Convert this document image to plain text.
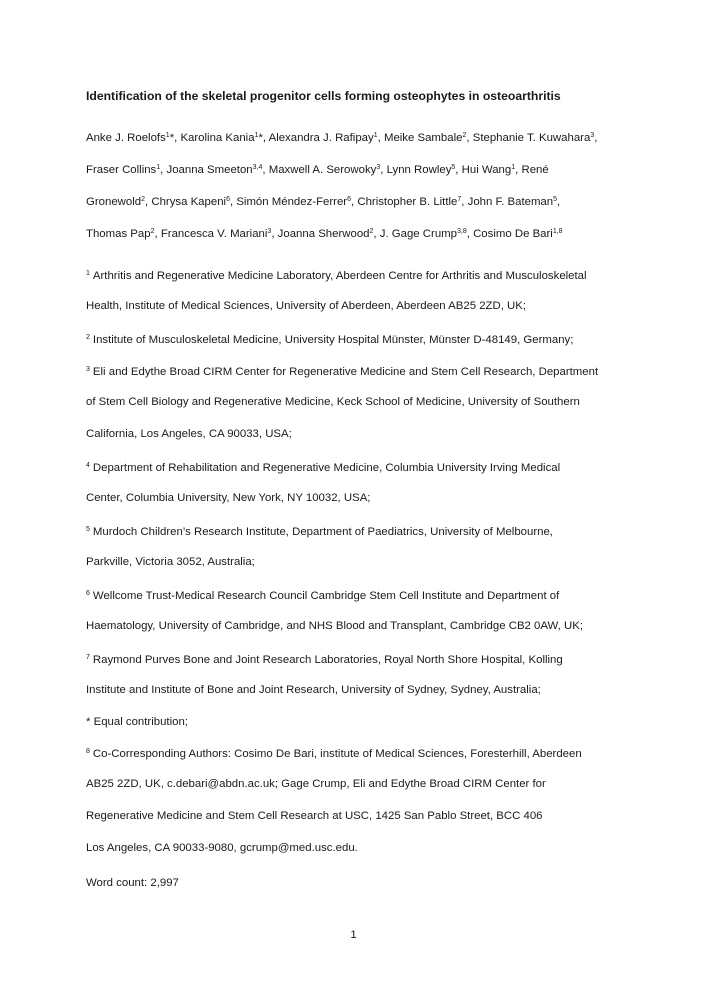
Identification of the skeletal progenitor cells forming osteophytes in osteoarthritis
Anke J. Roelofs$^1$*, Karolina Kania$^1$*, Alexandra J. Rafipay$^1$, Meike Sambale$^2$, Stephanie T. Kuwahara$^3$,
Fraser Collins$^1$, Joanna Smeeton$^{3,4}$, Maxwell A. Serowoky$^3$, Lynn Rowley$^5$, Hui Wang$^1$, René
Gronewold$^2$, Chrysa Kapeni$^6$, Simón Méndez-Ferrer$^6$, Christopher B. Little$^7$, John F. Bateman$^5$,
Thomas Pap$^2$, Francesca V. Mariani$^3$, Joanna Sherwood$^2$, J. Gage Crump$^{3,8}$, Cosimo De Bari$^{1,8}$
$^1$ Arthritis and Regenerative Medicine Laboratory, Aberdeen Centre for Arthritis and Musculoskeletal
Health, Institute of Medical Sciences, University of Aberdeen, Aberdeen AB25 2ZD, UK;
$^2$ Institute of Musculoskeletal Medicine, University Hospital Münster, Münster D-48149, Germany;
$^3$ Eli and Edythe Broad CIRM Center for Regenerative Medicine and Stem Cell Research, Department
of Stem Cell Biology and Regenerative Medicine, Keck School of Medicine, University of Southern
California, Los Angeles, CA 90033, USA;
$^4$ Department of Rehabilitation and Regenerative Medicine, Columbia University Irving Medical
Center, Columbia University, New York, NY 10032, USA;
$^5$ Murdoch Children’s Research Institute, Department of Paediatrics, University of Melbourne,
Parkville, Victoria 3052, Australia;
$^6$ Wellcome Trust-Medical Research Council Cambridge Stem Cell Institute and Department of
Haematology, University of Cambridge, and NHS Blood and Transplant, Cambridge CB2 0AW, UK;
$^7$ Raymond Purves Bone and Joint Research Laboratories, Royal North Shore Hospital, Kolling
Institute and Institute of Bone and Joint Research, University of Sydney, Sydney, Australia;
* Equal contribution;
$^8$ Co-Corresponding Authors: Cosimo De Bari, institute of Medical Sciences, Foresterhill, Aberdeen
AB25 2ZD, UK, c.debari@abdn.ac.uk; Gage Crump, Eli and Edythe Broad CIRM Center for
Regenerative Medicine and Stem Cell Research at USC, 1425 San Pablo Street, BCC 406
Los Angeles, CA 90033-9080, gcrump@med.usc.edu.
Word count: 2,997
1
